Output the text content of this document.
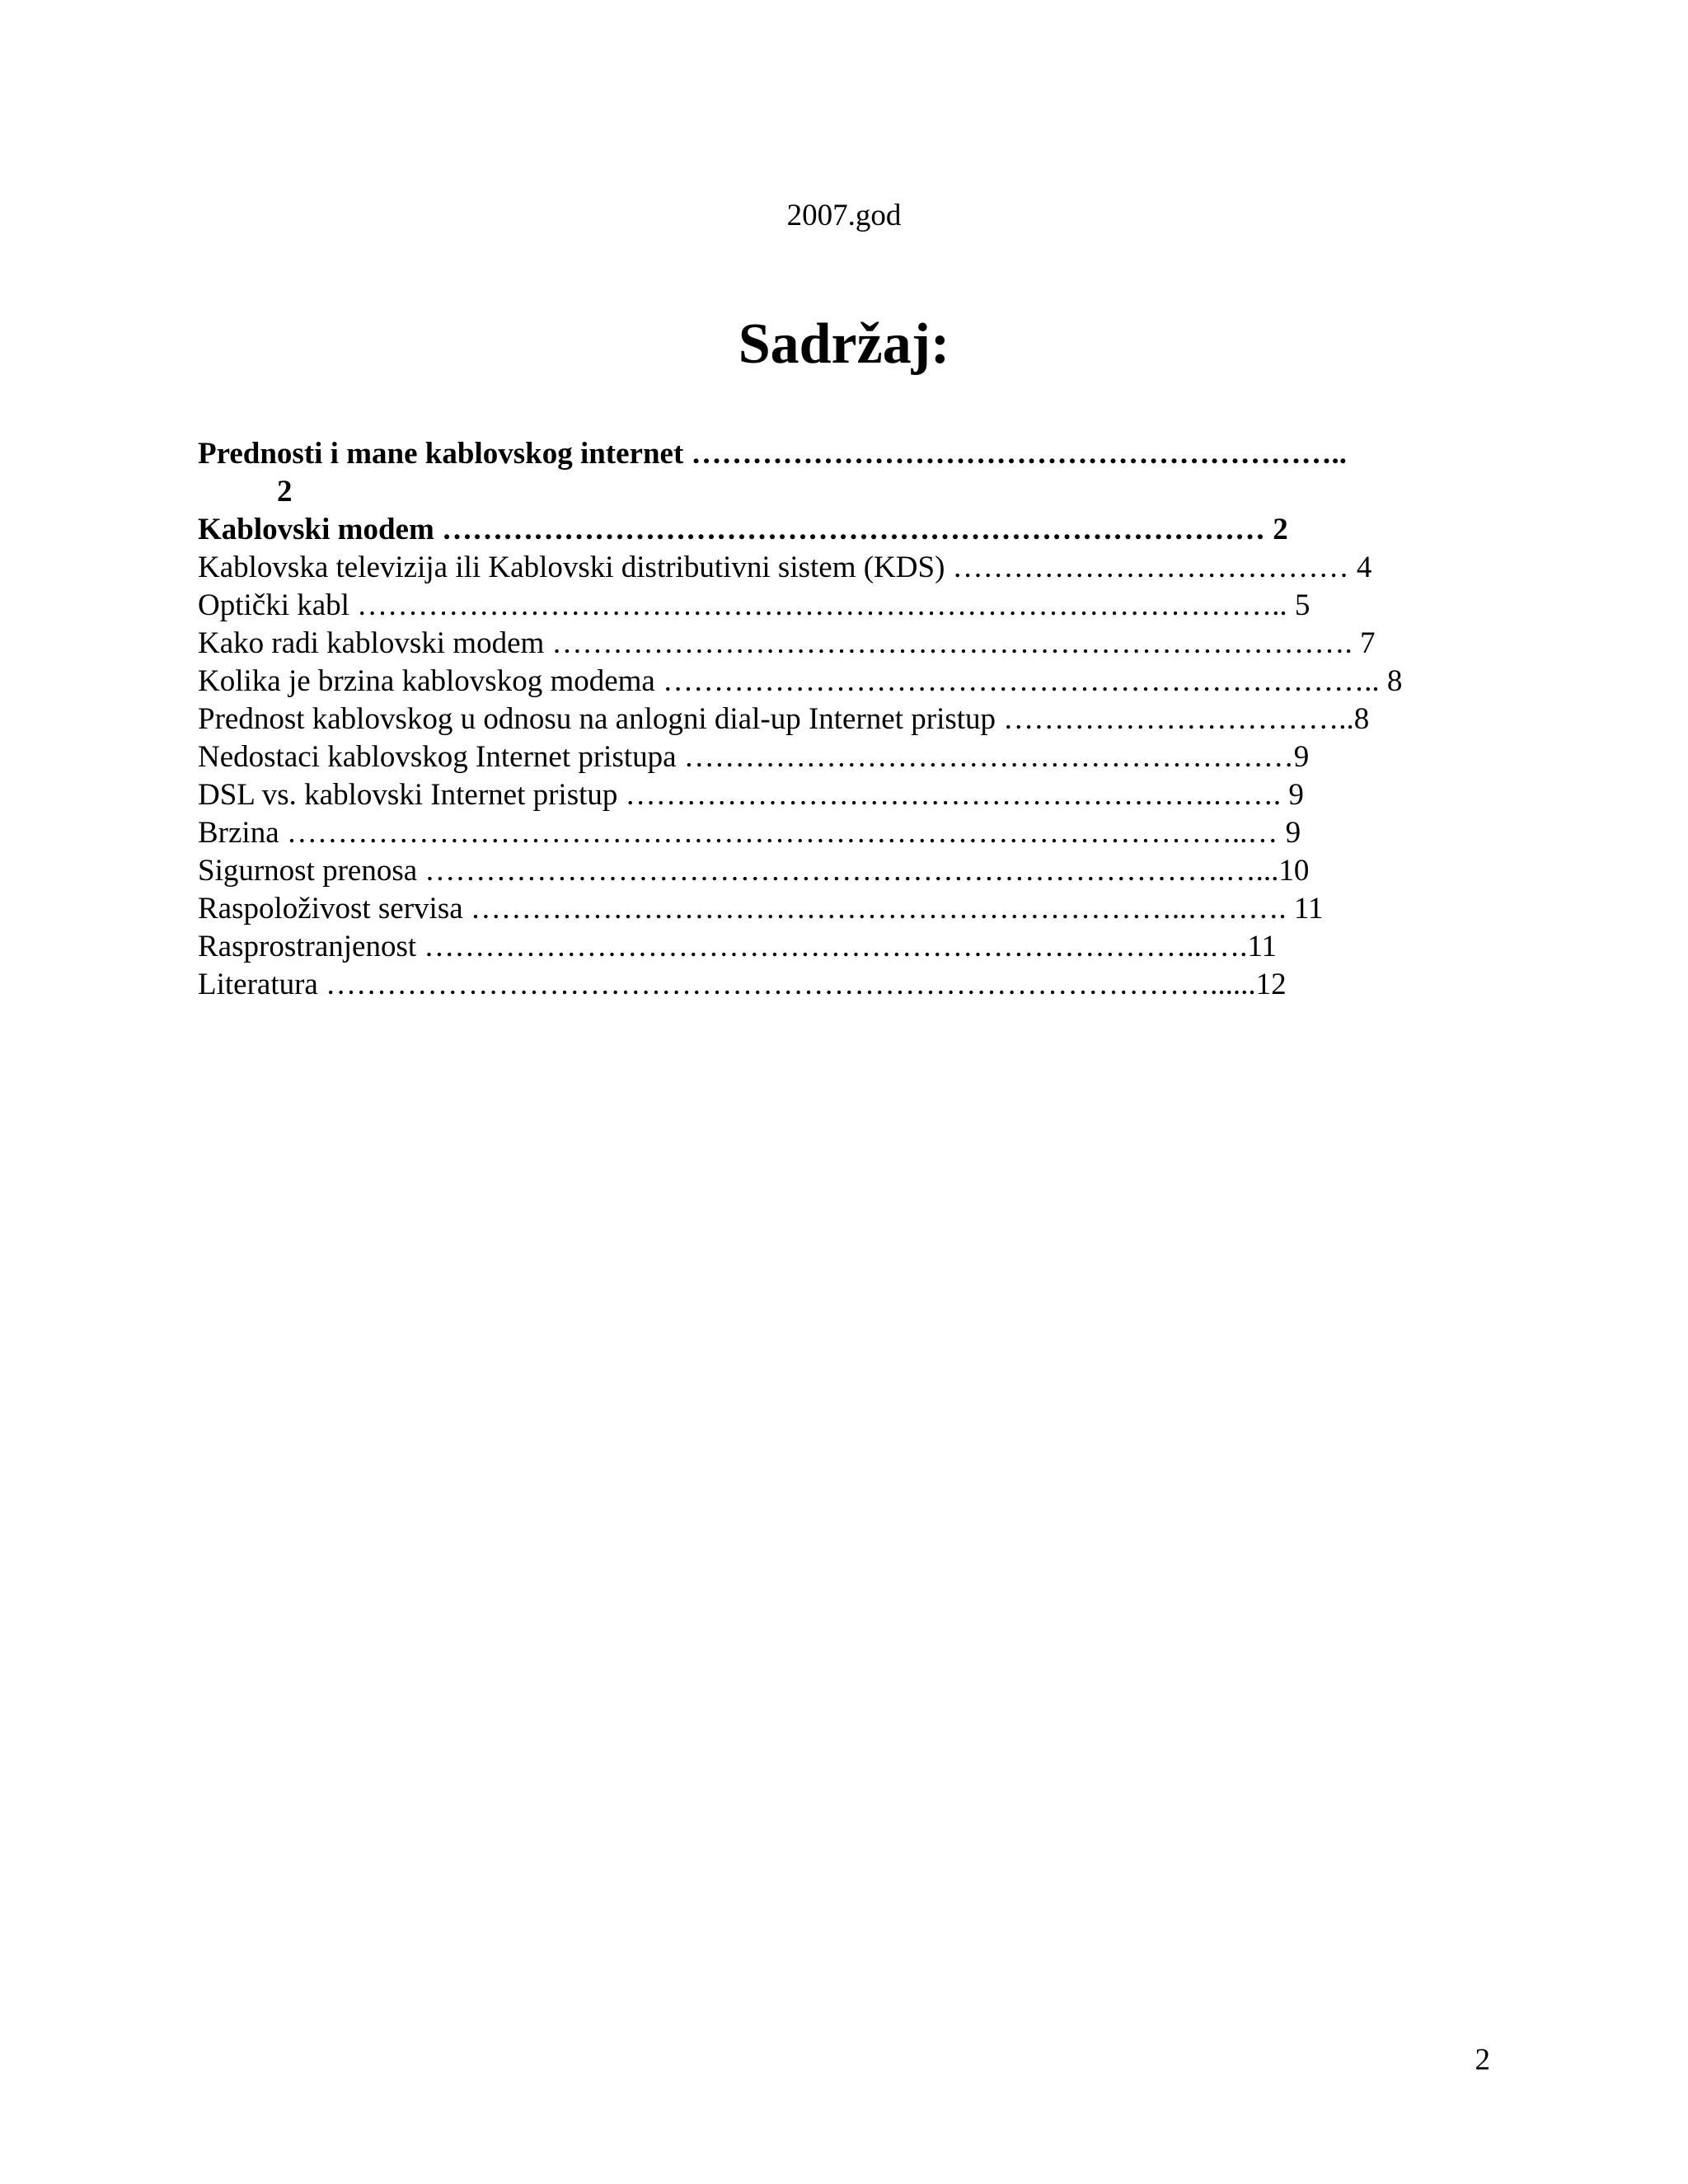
2007.god
Sadržaj:

Prednosti i mane kablovskog internet ………………………………………………………..
2

Kablovski modem ……………………………………………………………………… 2

Kablovska televizija ili Kablovski distributivni sistem (KDS) ………………………………… 4

Optički kabl ……………………………………………………………………………….. 5

Kako radi kablovski modem ……………………………………………………………………. 7

Kolika je brzina kablovskog modema …………………………………………………………….. 8

Prednost kablovskog u odnosu na anlogni dial-up Internet pristup ……………………………..8

Nedostaci kablovskog Internet pristupa ……………………………………………………9

DSL vs. kablovski Internet pristup ………………………………………………….……. 9

Brzina …………………………………………………………………………………..… 9

Sigurnost prenosa …………………………………………………………………….…...10

Raspoloživost servisa ……………………………………………………………..………. 11

Rasprostranjenost …………………………………………………………………...….11

Literatura ……………………………………………………………………………......12

2
